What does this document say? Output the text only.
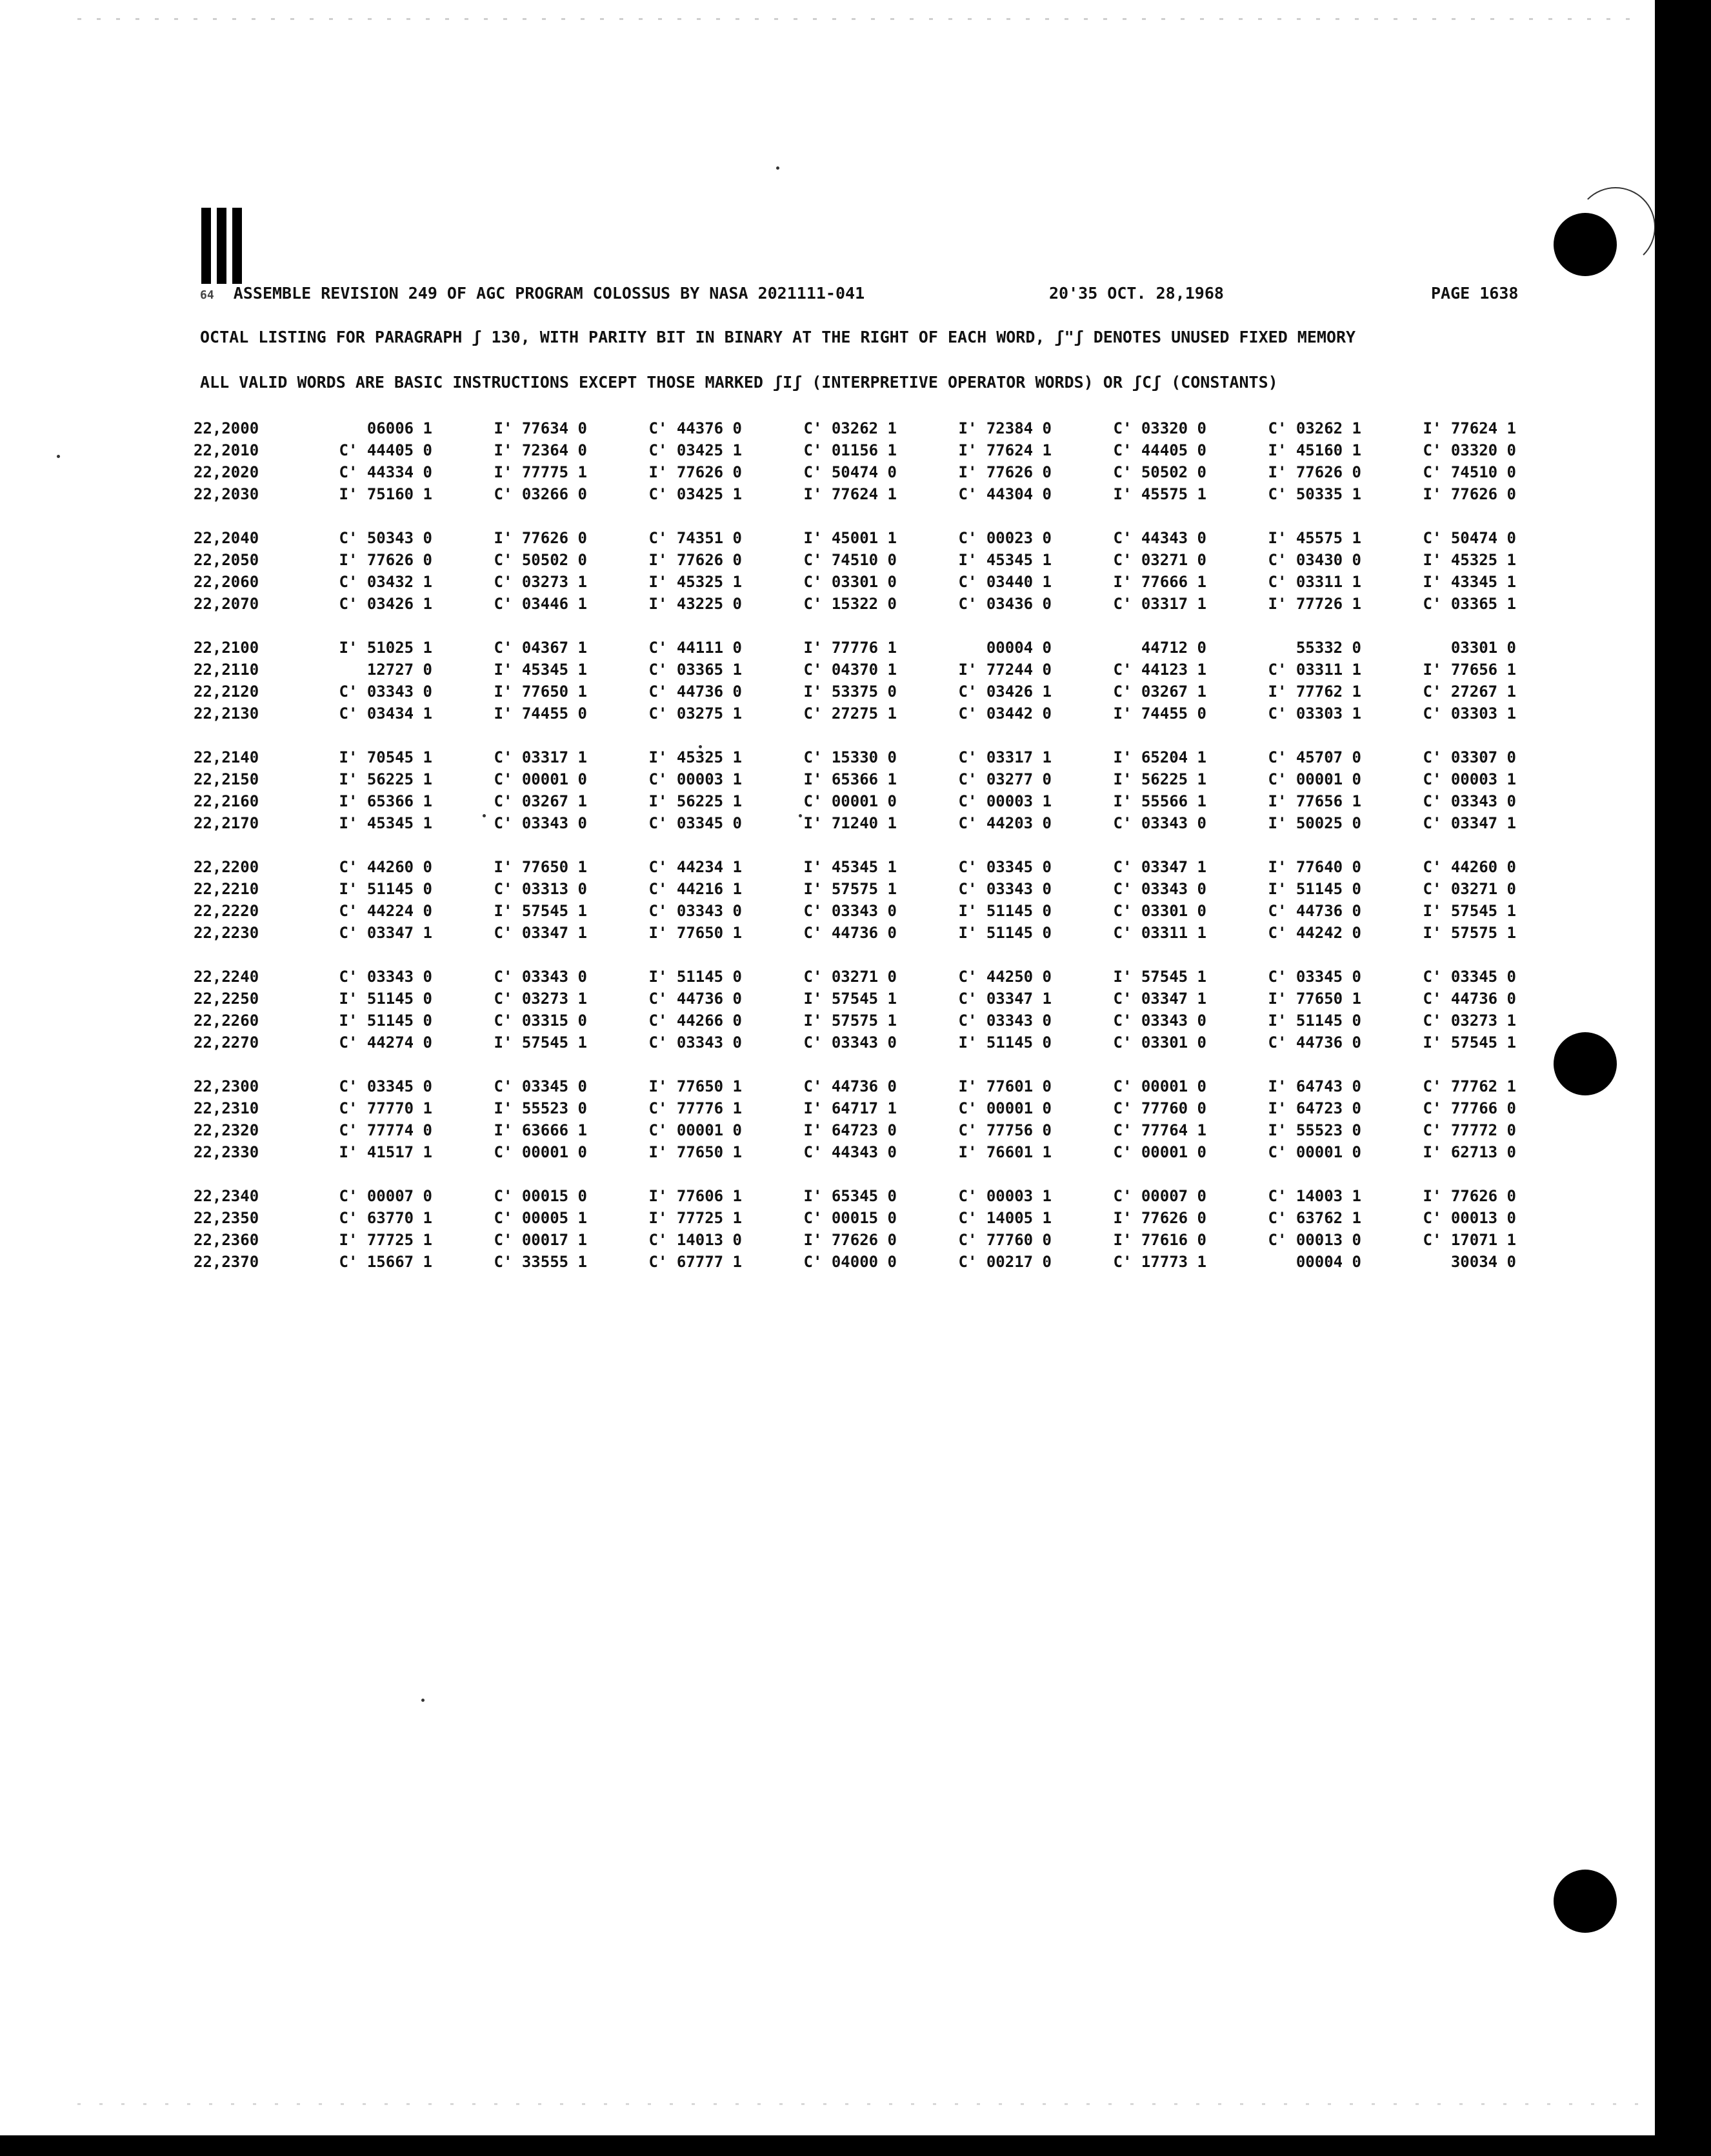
64 ASSEMBLE REVISION 249 OF AGC PROGRAM COLOSSUS BY NASA 2021111-041

	20'35 OCT. 28,1968

	PAGE 1638

OCTAL LISTING FOR PARAGRAPH ʃ 130, WITH PARITY BIT IN BINARY AT THE RIGHT OF EACH WORD, ʃ"ʃ DENOTES UNUSED FIXED MEMORY

ALL VALID WORDS ARE BASIC INSTRUCTIONS EXCEPT THOSE MARKED ʃIʃ (INTERPRETIVE OPERATOR WORDS) OR ʃCʃ (CONSTANTS)

22,2000	06006 1	I' 77634 0	C' 44376 0	C' 03262 1	I' 72384 0	C' 03320 0	C' 03262 1	I' 77624 1
22,2010	C' 44405 0	I' 72364 0	C' 03425 1	C' 01156 1	I' 77624 1	C' 44405 0	I' 45160 1	C' 03320 0
22,2020	C' 44334 0	I' 77775 1	I' 77626 0	C' 50474 0	I' 77626 0	C' 50502 0	I' 77626 0	C' 74510 0
22,2030	I' 75160 1	C' 03266 0	C' 03425 1	I' 77624 1	C' 44304 0	I' 45575 1	C' 50335 1	I' 77626 0
22,2040	C' 50343 0	I' 77626 0	C' 74351 0	I' 45001 1	C' 00023 0	C' 44343 0	I' 45575 1	C' 50474 0
22,2050	I' 77626 0	C' 50502 0	I' 77626 0	C' 74510 0	I' 45345 1	C' 03271 0	C' 03430 0	I' 45325 1
22,2060	C' 03432 1	C' 03273 1	I' 45325 1	C' 03301 0	C' 03440 1	I' 77666 1	C' 03311 1	I' 43345 1
22,2070	C' 03426 1	C' 03446 1	I' 43225 0	C' 15322 0	C' 03436 0	C' 03317 1	I' 77726 1	C' 03365 1
22,2100	I' 51025 1	C' 04367 1	C' 44111 0	I' 77776 1	00004 0	44712 0	55332 0	03301 0
22,2110	12727 0	I' 45345 1	C' 03365 1	C' 04370 1	I' 77244 0	C' 44123 1	C' 03311 1	I' 77656 1
22,2120	C' 03343 0	I' 77650 1	C' 44736 0	I' 53375 0	C' 03426 1	C' 03267 1	I' 77762 1	C' 27267 1
22,2130	C' 03434 1	I' 74455 0	C' 03275 1	C' 27275 1	C' 03442 0	I' 74455 0	C' 03303 1	C' 03303 1
22,2140	I' 70545 1	C' 03317 1	I' 45325 1	C' 15330 0	C' 03317 1	I' 65204 1	C' 45707 0	C' 03307 0
22,2150	I' 56225 1	C' 00001 0	C' 00003 1	I' 65366 1	C' 03277 0	I' 56225 1	C' 00001 0	C' 00003 1
22,2160	I' 65366 1	C' 03267 1	I' 56225 1	C' 00001 0	C' 00003 1	I' 55566 1	I' 77656 1	C' 03343 0
22,2170	I' 45345 1	C' 03343 0	C' 03345 0	I' 71240 1	C' 44203 0	C' 03343 0	I' 50025 0	C' 03347 1
22,2200	C' 44260 0	I' 77650 1	C' 44234 1	I' 45345 1	C' 03345 0	C' 03347 1	I' 77640 0	C' 44260 0
22,2210	I' 51145 0	C' 03313 0	C' 44216 1	I' 57575 1	C' 03343 0	C' 03343 0	I' 51145 0	C' 03271 0
22,2220	C' 44224 0	I' 57545 1	C' 03343 0	C' 03343 0	I' 51145 0	C' 03301 0	C' 44736 0	I' 57545 1
22,2230	C' 03347 1	C' 03347 1	I' 77650 1	C' 44736 0	I' 51145 0	C' 03311 1	C' 44242 0	I' 57575 1
22,2240	C' 03343 0	C' 03343 0	I' 51145 0	C' 03271 0	C' 44250 0	I' 57545 1	C' 03345 0	C' 03345 0
22,2250	I' 51145 0	C' 03273 1	C' 44736 0	I' 57545 1	C' 03347 1	C' 03347 1	I' 77650 1	C' 44736 0
22,2260	I' 51145 0	C' 03315 0	C' 44266 0	I' 57575 1	C' 03343 0	C' 03343 0	I' 51145 0	C' 03273 1
22,2270	C' 44274 0	I' 57545 1	C' 03343 0	C' 03343 0	I' 51145 0	C' 03301 0	C' 44736 0	I' 57545 1
22,2300	C' 03345 0	C' 03345 0	I' 77650 1	C' 44736 0	I' 77601 0	C' 00001 0	I' 64743 0	C' 77762 1
22,2310	C' 77770 1	I' 55523 0	C' 77776 1	I' 64717 1	C' 00001 0	C' 77760 0	I' 64723 0	C' 77766 0
22,2320	C' 77774 0	I' 63666 1	C' 00001 0	I' 64723 0	C' 77756 0	C' 77764 1	I' 55523 0	C' 77772 0
22,2330	I' 41517 1	C' 00001 0	I' 77650 1	C' 44343 0	I' 76601 1	C' 00001 0	C' 00001 0	I' 62713 0
22,2340	C' 00007 0	C' 00015 0	I' 77606 1	I' 65345 0	C' 00003 1	C' 00007 0	C' 14003 1	I' 77626 0
22,2350	C' 63770 1	C' 00005 1	I' 77725 1	C' 00015 0	C' 14005 1	I' 77626 0	C' 63762 1	C' 00013 0
22,2360	I' 77725 1	C' 00017 1	C' 14013 0	I' 77626 0	C' 77760 0	I' 77616 0	C' 00013 0	C' 17071 1
22,2370	C' 15667 1	C' 33555 1	C' 67777 1	C' 04000 0	C' 00217 0	C' 17773 1	00004 0	30034 0
